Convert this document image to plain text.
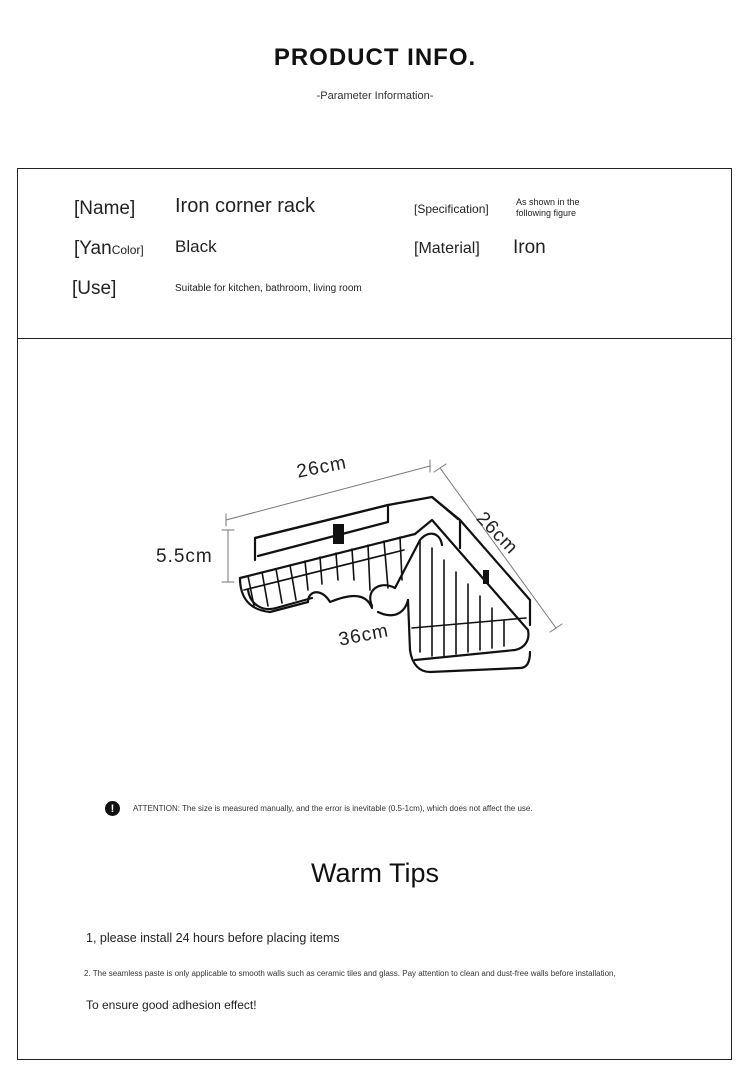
PRODUCT INFO.
-Parameter Information-
[Name] Iron corner rack	[Specification]	As shown in the following figure
[YanColor] Black	[Material] Iron
[Use]	Suitable for kitchen, bathroom, living room
26cm
26cm
5.5cm
36cm
!	ATTENTION: The size is measured manually, and the error is inevitable (0.5-1cm), which does not affect the use.
Warm Tips
1, please install 24 hours before placing items
2. The seamless paste is only applicable to smooth walls such as ceramic tiles and glass. Pay attention to clean and dust-free walls before installation,
To ensure good adhesion effect!
